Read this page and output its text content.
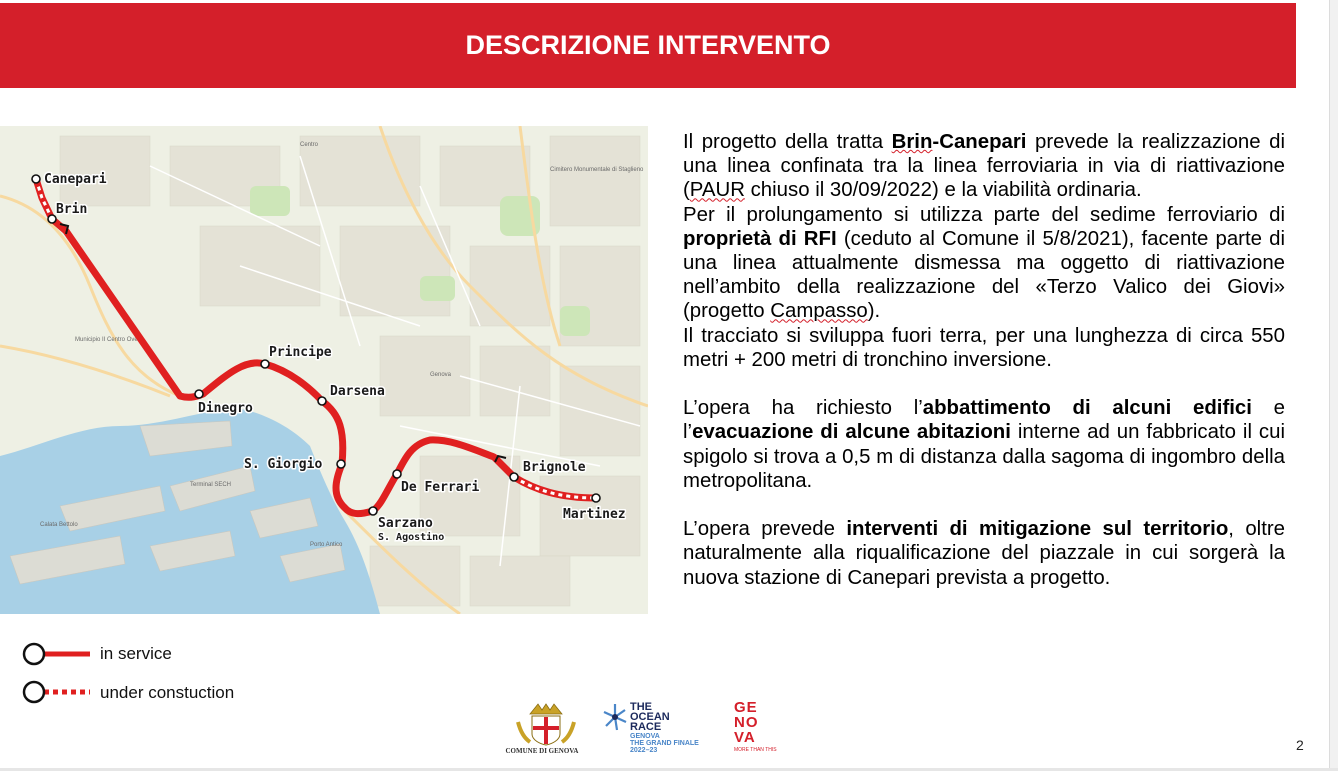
DESCRIZIONE INTERVENTO
Centro
Cimitero Monumentale di Staglieno
Municipio II Centro Ovest
Terminal SECH
Calata Bettolo
Porto Antico
Genova
Canepari
Brin
Principe
Dinegro
Darsena
S. Giorgio
De Ferrari
Brignole
Martinez
Sarzano
S. Agostino

Il progetto della tratta Brin-Canepari prevede la realizzazione di una linea confinata tra la linea ferroviaria in via di riattivazione (PAUR chiuso il 30/09/2022) e la viabilità ordinaria.

Per il prolungamento si utilizza parte del sedime ferroviario di proprietà di RFI (ceduto al Comune il 5/8/2021), facente parte di una linea attualmente dismessa ma oggetto di riattivazione nell’ambito della realizzazione del «Terzo Valico dei Giovi» (progetto Campasso).

Il tracciato si sviluppa fuori terra, per una lunghezza di circa 550 metri + 200 metri di tronchino inversione.

L’opera ha richiesto l’abbattimento di alcuni edifici e l’evacuazione di alcune abitazioni interne ad un fabbricato il cui spigolo si trova a 0,5 m di distanza dalla sagoma di ingombro della metropolitana.

L’opera prevede interventi di mitigazione sul territorio, oltre naturalmente alla riqualificazione del piazzale in cui sorgerà la nuova stazione di Canepari prevista a progetto.

in service
under constuction
COMUNE DI GENOVA
THE
OCEAN
RACE
GENOVA
THE GRAND FINALE
2022–23
GE
NO
VA
MORE THAN THIS	2
